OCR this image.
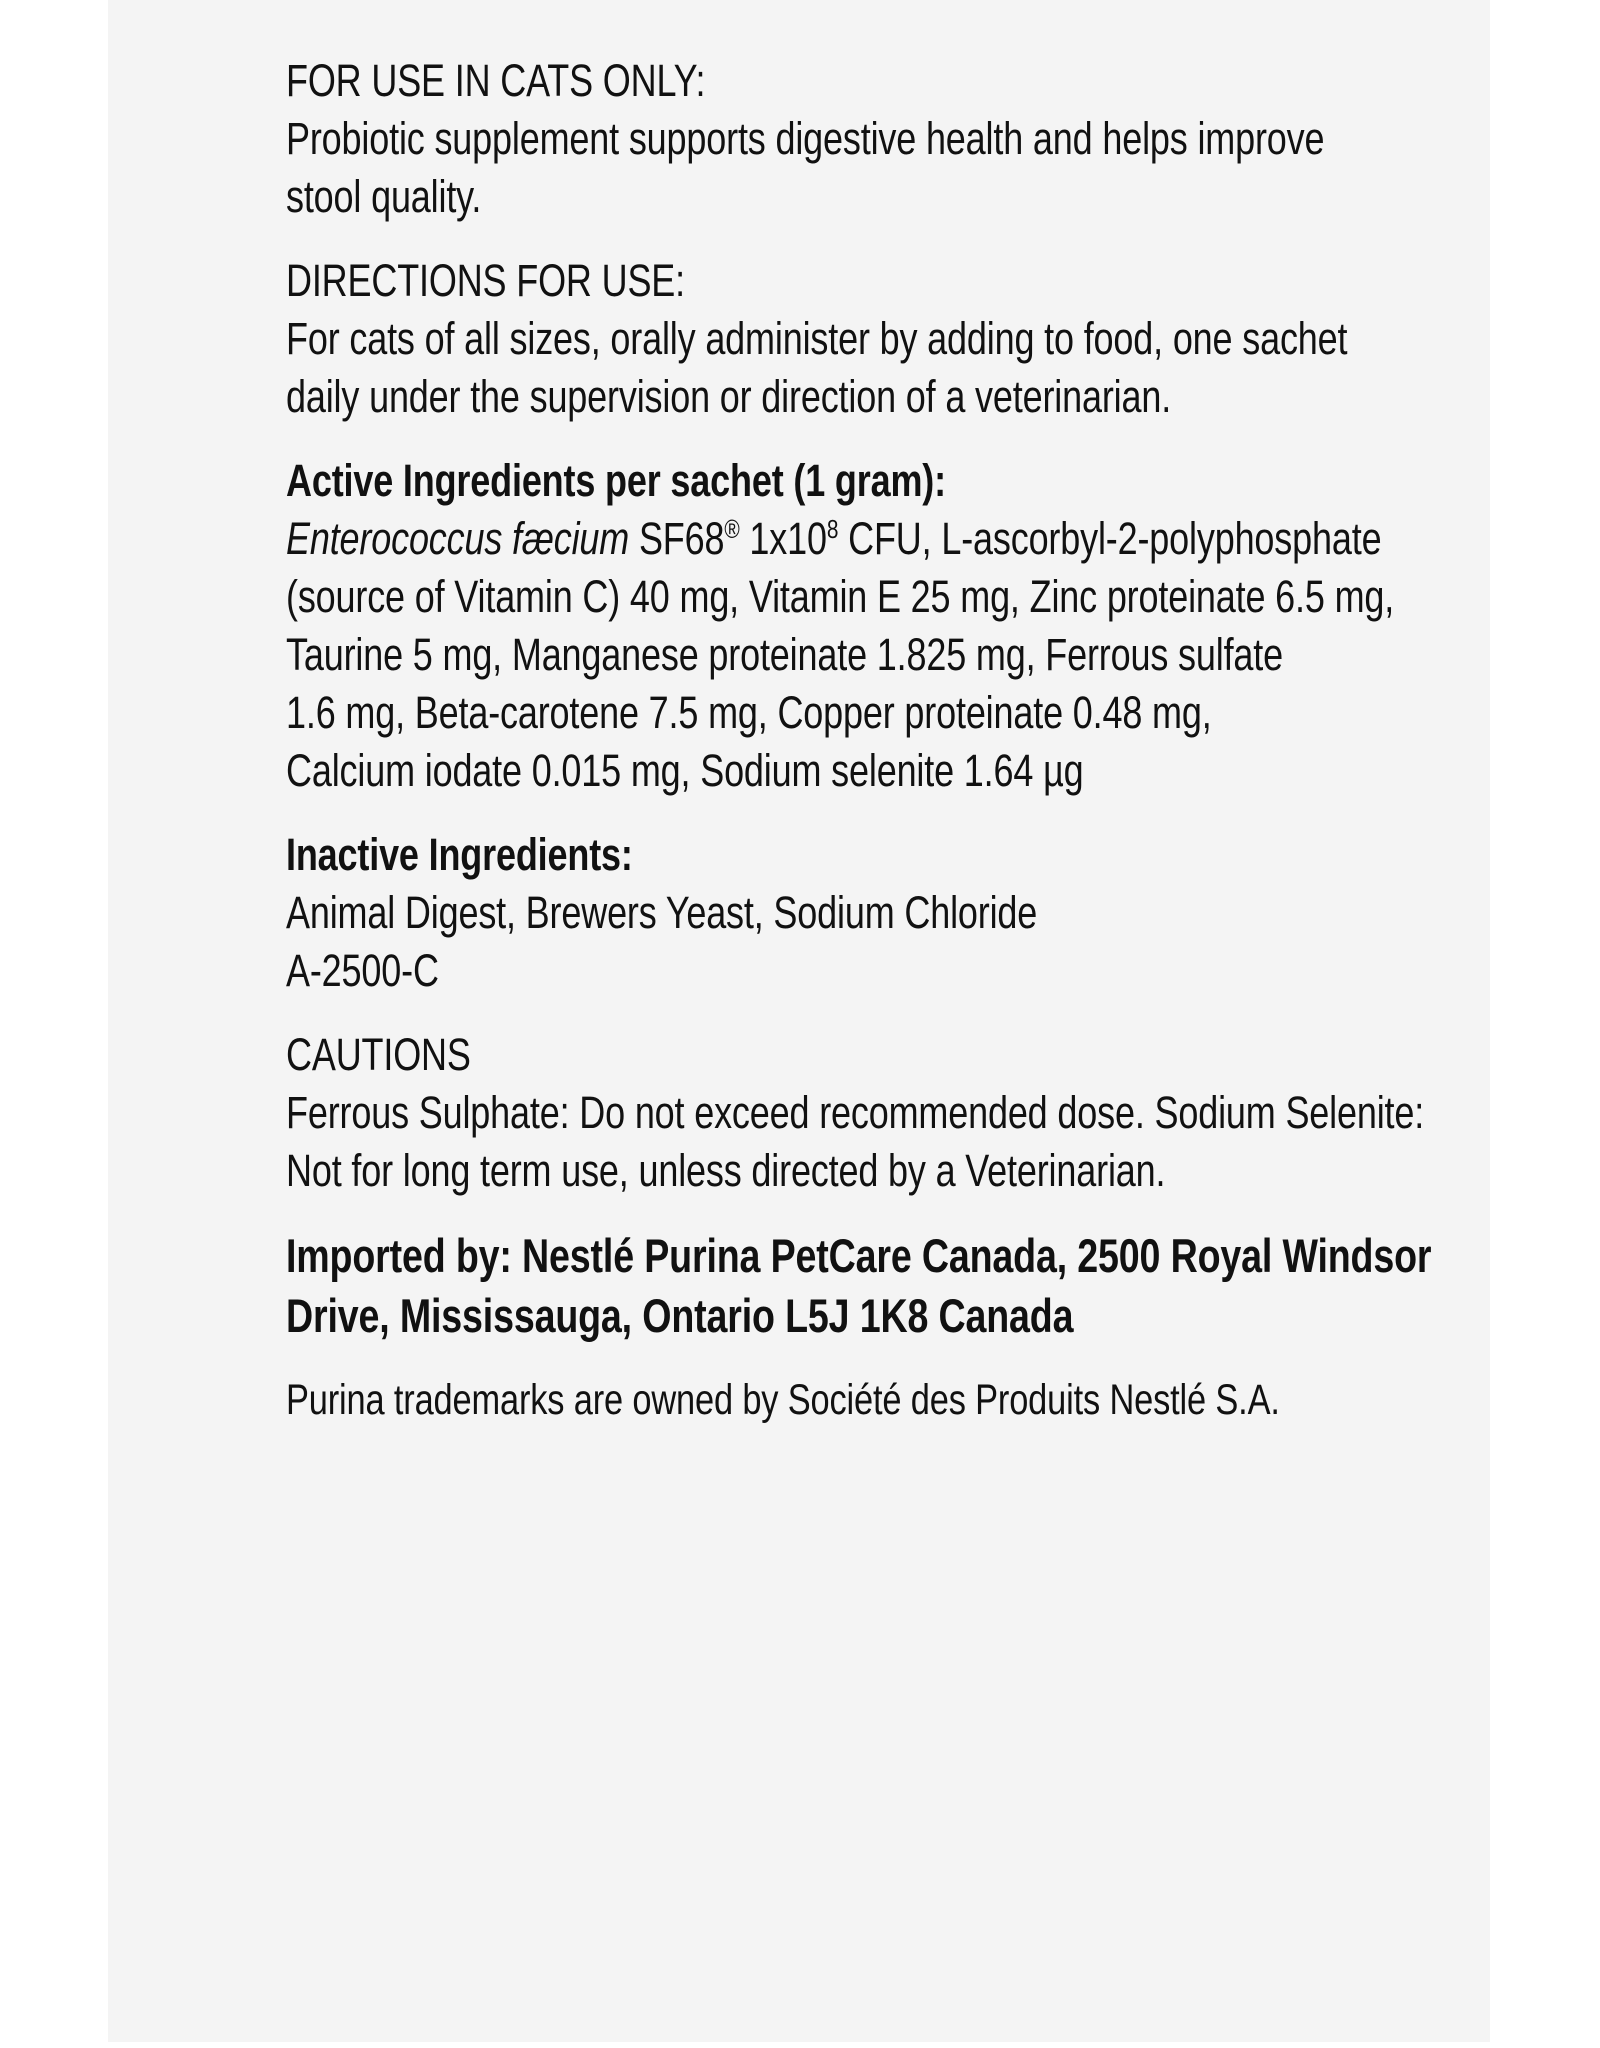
FOR USE IN CATS ONLY:
Probiotic supplement supports digestive health and helps improve
stool quality.
DIRECTIONS FOR USE:
For cats of all sizes, orally administer by adding to food, one sachet
daily under the supervision or direction of a veterinarian.
Active Ingredients per sachet (1 gram):
Enterococcus fæcium SF68® $1x10^8$ CFU, L-ascorbyl-2-polyphosphate
(source of Vitamin C) 40 mg, Vitamin E 25 mg, Zinc proteinate 6.5 mg,
Taurine 5 mg, Manganese proteinate 1.825 mg, Ferrous sulfate
1.6 mg, Beta-carotene 7.5 mg, Copper proteinate 0.48 mg,
Calcium iodate 0.015 mg, Sodium selenite 1.64 µg
Inactive Ingredients:
Animal Digest, Brewers Yeast, Sodium Chloride
A-2500-C
CAUTIONS
Ferrous Sulphate: Do not exceed recommended dose. Sodium Selenite:
Not for long term use, unless directed by a Veterinarian.
Imported by: Nestlé Purina PetCare Canada, 2500 Royal Windsor
Drive, Mississauga, Ontario L5J 1K8 Canada
Purina trademarks are owned by Société des Produits Nestlé S.A.
